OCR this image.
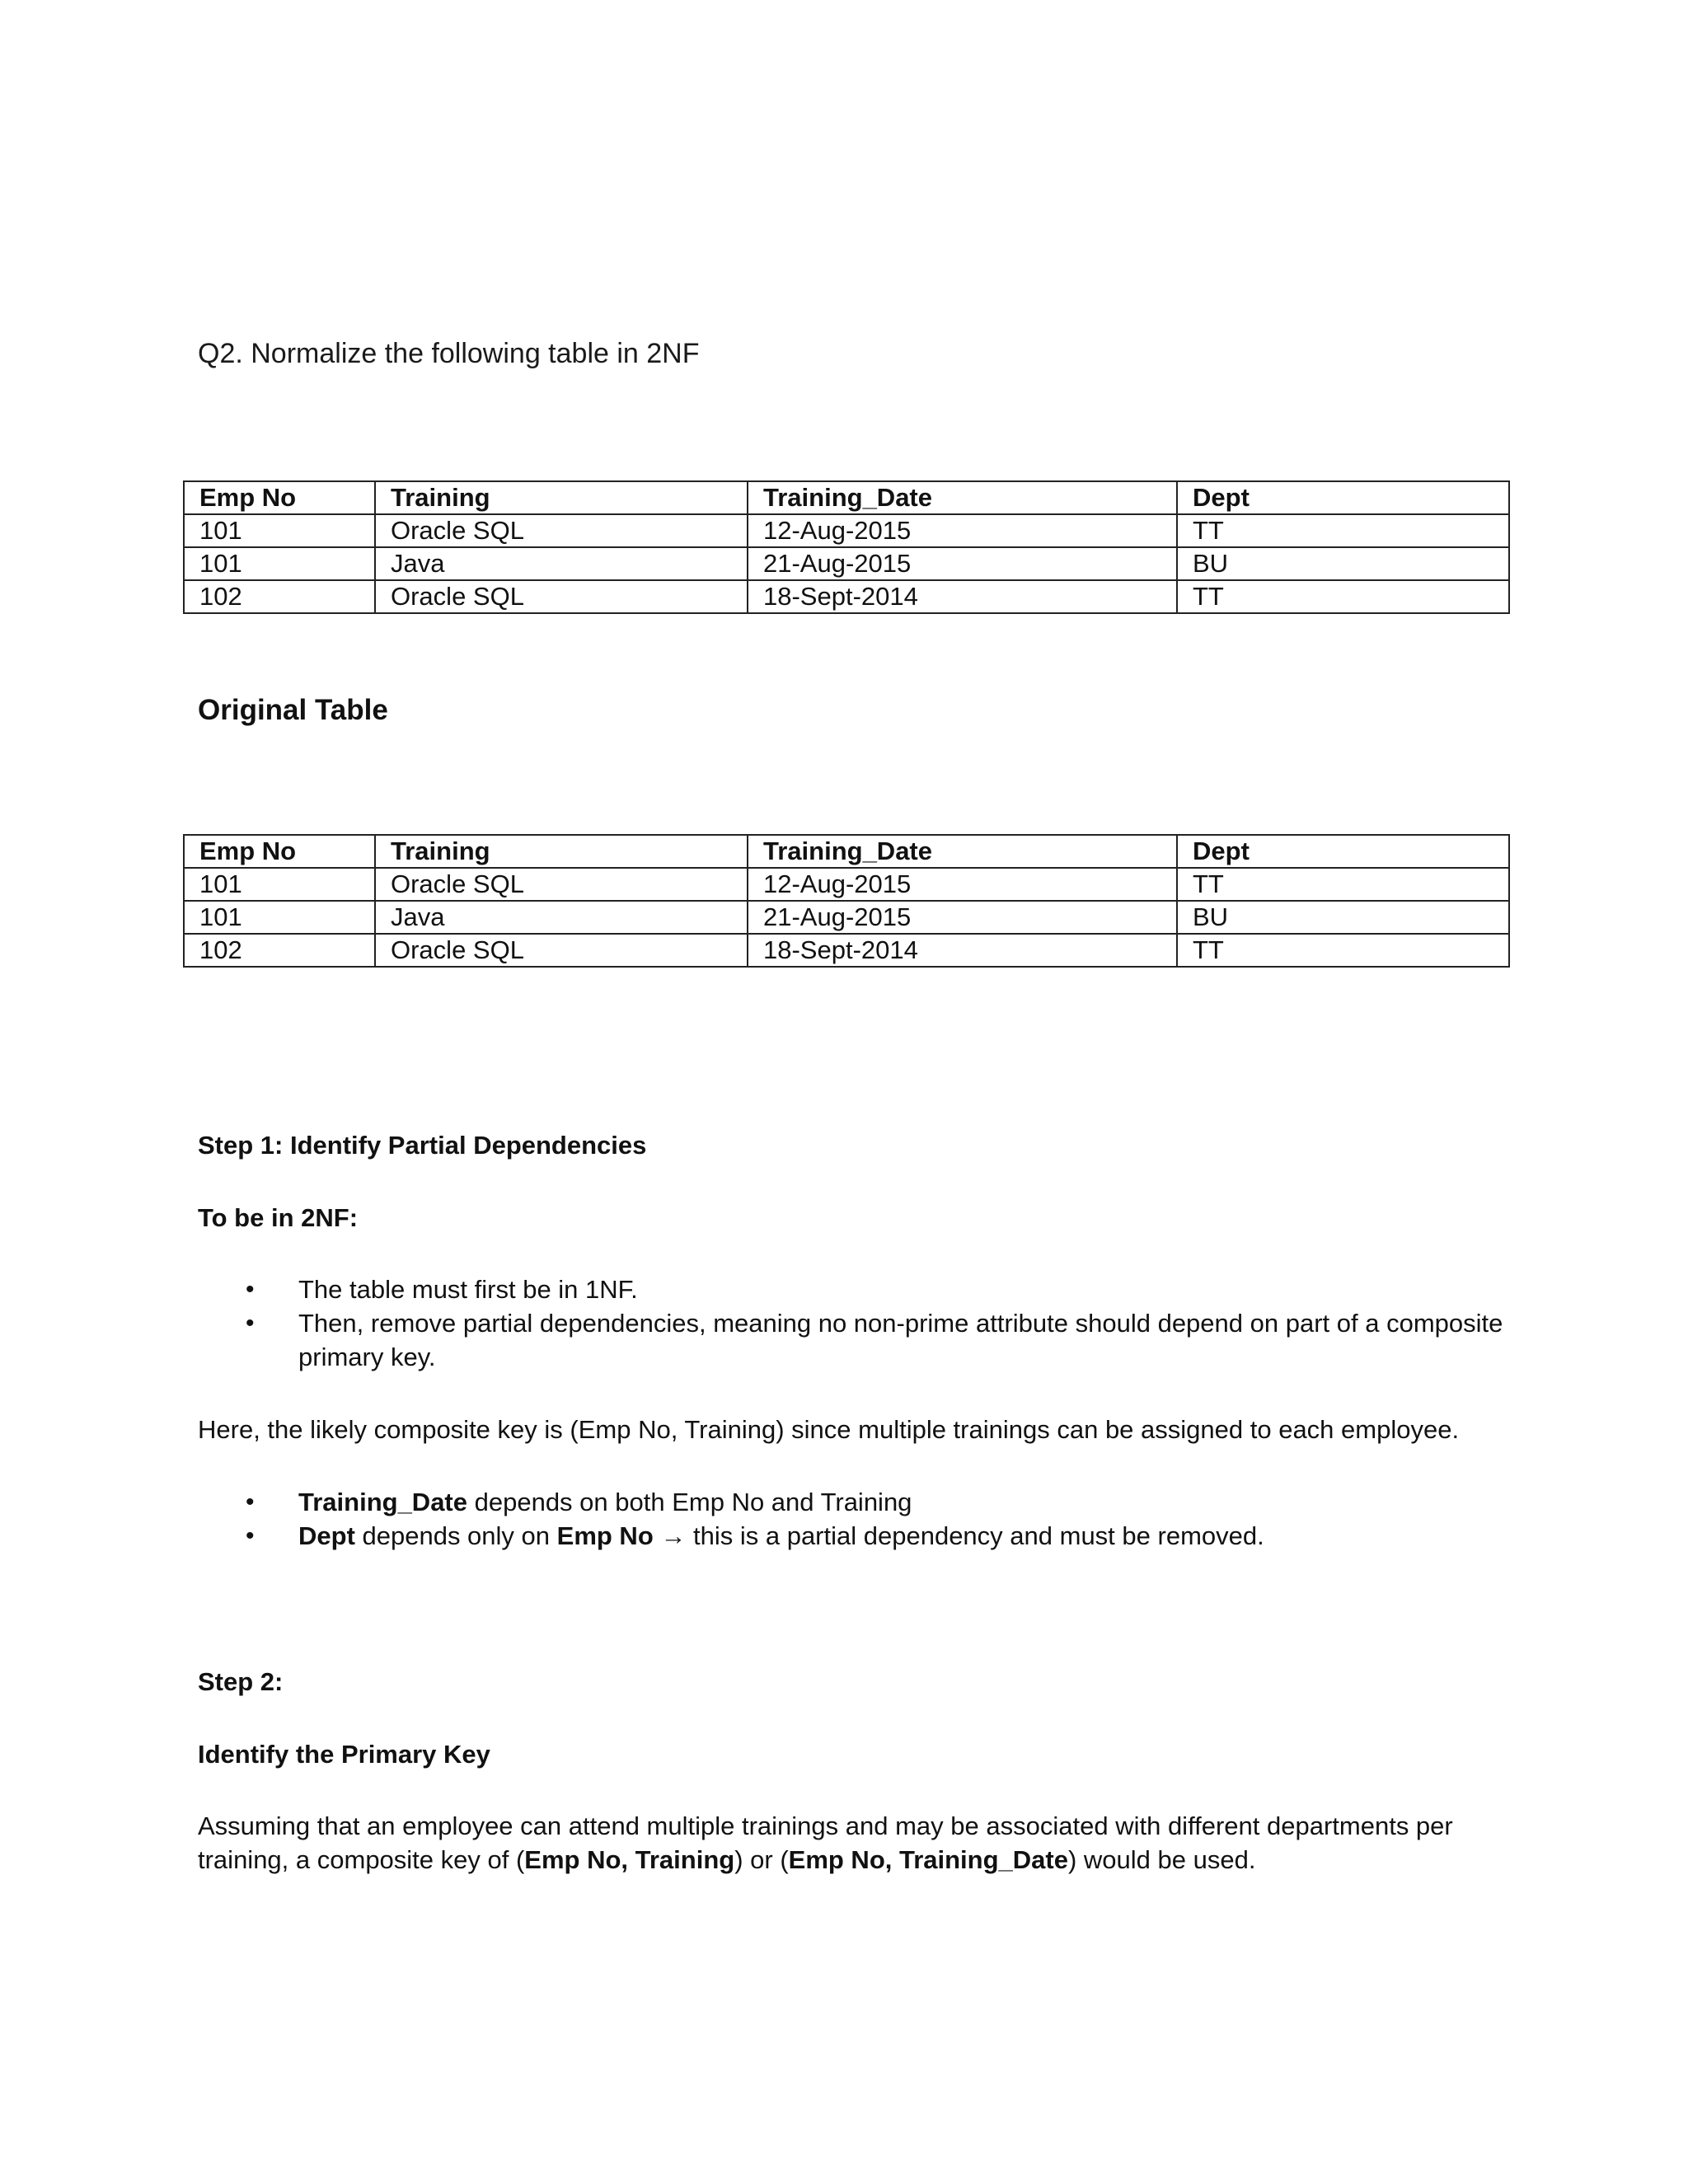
Q2. Normalize the following table in 2NF
Emp No	Training	Training_Date	Dept
101	Oracle SQL	12-Aug-2015	TT
101	Java	21-Aug-2015	BU
102	Oracle SQL	18-Sept-2014	TT
Original Table
Emp No	Training	Training_Date	Dept
101	Oracle SQL	12-Aug-2015	TT
101	Java	21-Aug-2015	BU
102	Oracle SQL	18-Sept-2014	TT
Step 1: Identify Partial Dependencies
To be in 2NF:
• The table must first be in 1NF.
• Then, remove partial dependencies, meaning no non-prime attribute should depend on part of a composite primary key.
Here, the likely composite key is (Emp No, Training) since multiple trainings can be assigned to each employee.
• Training_Date depends on both Emp No and Training
• Dept depends only on Emp No → this is a partial dependency and must be removed.
Step 2:
Identify the Primary Key
Assuming that an employee can attend multiple trainings and may be associated with different departments per training, a composite key of (Emp No, Training) or (Emp No, Training_Date) would be used.
